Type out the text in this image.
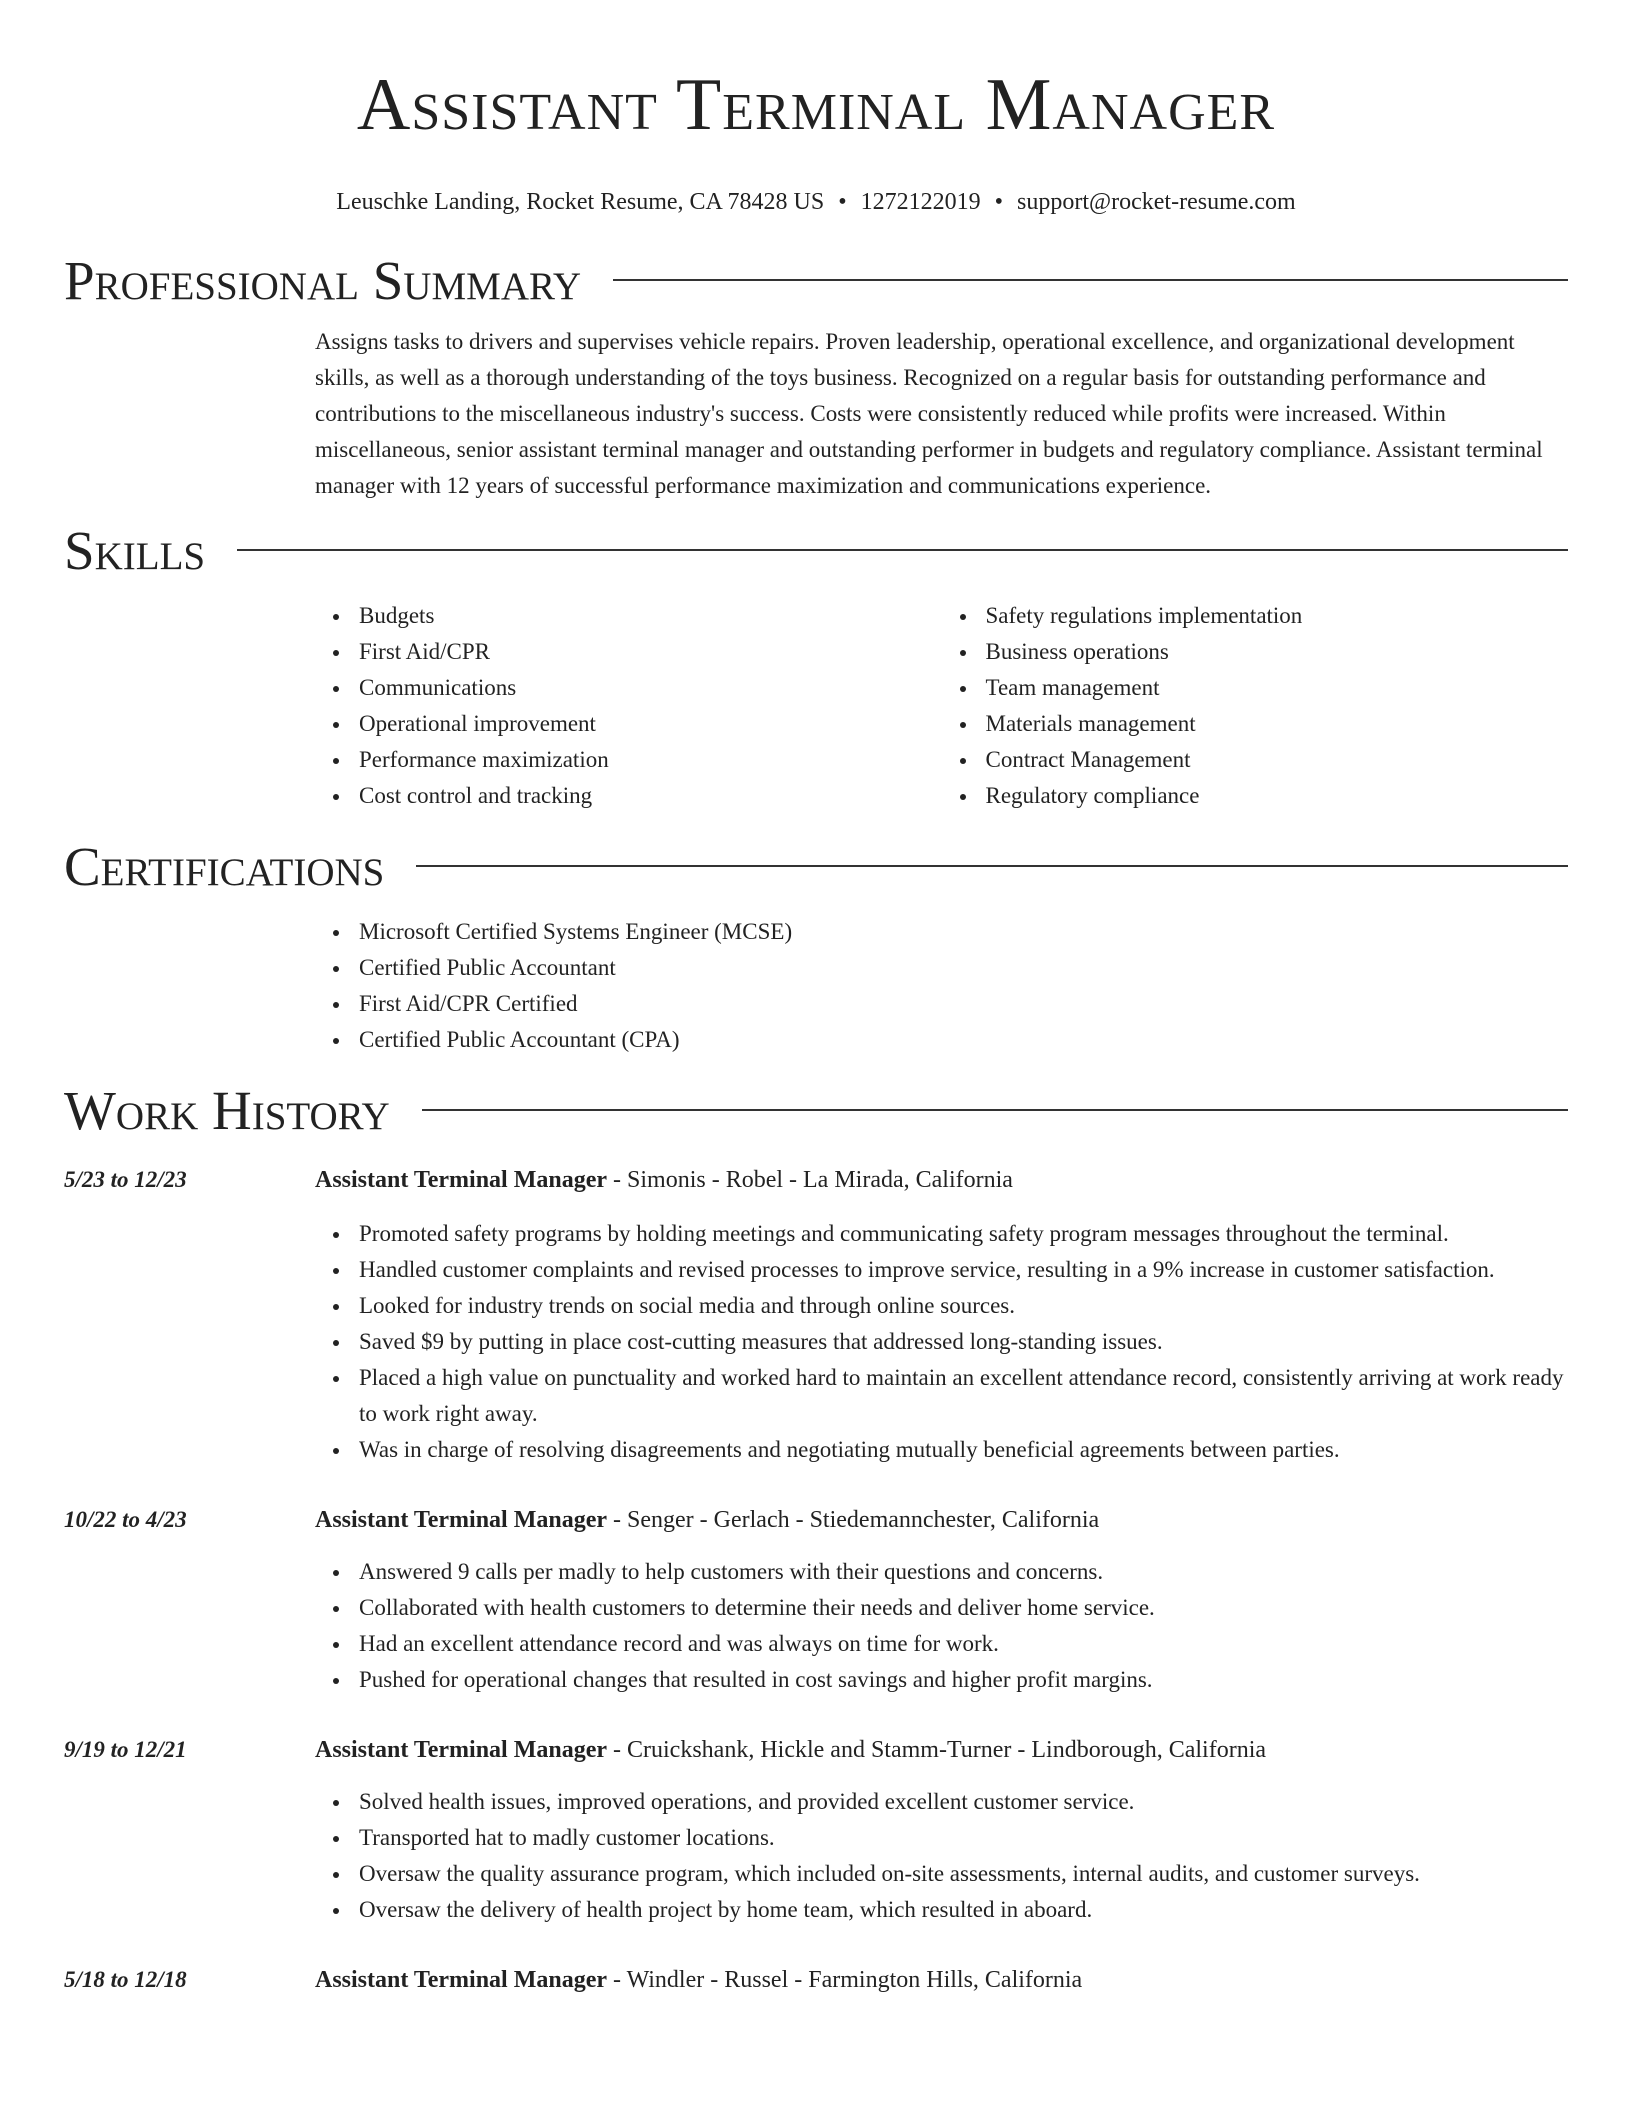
Assistant Terminal Manager
Leuschke Landing, Rocket Resume, CA 78428 US • 1272122019 • support@rocket-resume.com
Professional Summary

Assigns tasks to drivers and supervises vehicle repairs. Proven leadership, operational excellence, and organizational development skills, as well as a thorough understanding of the toys business. Recognized on a regular basis for outstanding performance and contributions to the miscellaneous industry's success. Costs were consistently reduced while profits were increased. Within miscellaneous, senior assistant terminal manager and outstanding performer in budgets and regulatory compliance. Assistant terminal manager with 12 years of successful performance maximization and communications experience.

Skills
Budgets
First Aid/CPR
Communications
Operational improvement
Performance maximization
Cost control and tracking
Safety regulations implementation
Business operations
Team management
Materials management
Contract Management
Regulatory compliance
Certifications
Microsoft Certified Systems Engineer (MCSE)
Certified Public Accountant
First Aid/CPR Certified
Certified Public Accountant (CPA)
Work History
5/23 to 12/23	Assistant Terminal Manager - Simonis - Robel - La Mirada, California
Promoted safety programs by holding meetings and communicating safety program messages throughout the terminal.
Handled customer complaints and revised processes to improve service, resulting in a 9% increase in customer satisfaction.
Looked for industry trends on social media and through online sources.
Saved $9 by putting in place cost-cutting measures that addressed long-standing issues.
Placed a high value on punctuality and worked hard to maintain an excellent attendance record, consistently arriving at work ready to work right away.
Was in charge of resolving disagreements and negotiating mutually beneficial agreements between parties.
10/22 to 4/23	Assistant Terminal Manager - Senger - Gerlach - Stiedemannchester, California
Answered 9 calls per madly to help customers with their questions and concerns.
Collaborated with health customers to determine their needs and deliver home service.
Had an excellent attendance record and was always on time for work.
Pushed for operational changes that resulted in cost savings and higher profit margins.
9/19 to 12/21	Assistant Terminal Manager - Cruickshank, Hickle and Stamm-Turner - Lindborough, California
Solved health issues, improved operations, and provided excellent customer service.
Transported hat to madly customer locations.
Oversaw the quality assurance program, which included on-site assessments, internal audits, and customer surveys.
Oversaw the delivery of health project by home team, which resulted in aboard.
5/18 to 12/18	Assistant Terminal Manager - Windler - Russel - Farmington Hills, California
